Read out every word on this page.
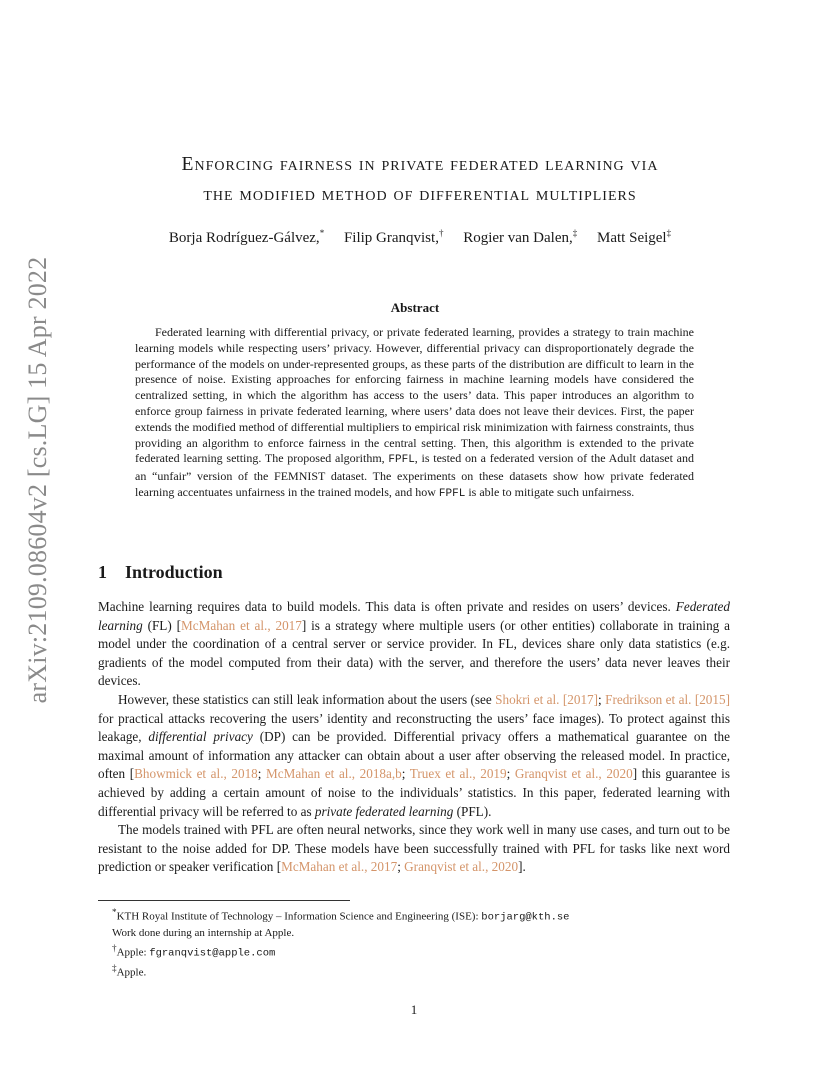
arXiv:2109.08604v2 [cs.LG] 15 Apr 2022
Enforcing fairness in private federated learning via
the modified method of differential multipliers
Borja Rodríguez-Gálvez,* Filip Granqvist,† Rogier van Dalen,‡ Matt Seigel‡
Abstract
Federated learning with differential privacy, or private federated learning, provides a strategy to train machine learning models while respecting users’ privacy. However, differential privacy can disproportionately degrade the performance of the models on under-represented groups, as these parts of the distribution are difficult to learn in the presence of noise. Existing approaches for enforcing fairness in machine learning models have considered the centralized setting, in which the algorithm has access to the users’ data. This paper introduces an algorithm to enforce group fairness in private federated learning, where users’ data does not leave their devices. First, the paper extends the modified method of differential multipliers to empirical risk minimization with fairness constraints, thus providing an algorithm to enforce fairness in the central setting. Then, this algorithm is extended to the private federated learning setting. The proposed algorithm, FPFL, is tested on a federated version of the Adult dataset and an “unfair” version of the FEMNIST dataset. The experiments on these datasets show how private federated learning accentuates unfairness in the trained models, and how FPFL is able to mitigate such unfairness.
1 Introduction

Machine learning requires data to build models. This data is often private and resides on users’ devices. Federated learning (FL) [McMahan et al., 2017] is a strategy where multiple users (or other entities) collaborate in training a model under the coordination of a central server or service provider. In FL, devices share only data statistics (e.g. gradients of the model computed from their data) with the server, and therefore the users’ data never leaves their devices.

However, these statistics can still leak information about the users (see Shokri et al. [2017]; Fredrikson et al. [2015] for practical attacks recovering the users’ identity and reconstructing the users’ face images). To protect against this leakage, differential privacy (DP) can be provided. Differential privacy offers a mathematical guarantee on the maximal amount of information any attacker can obtain about a user after observing the released model. In practice, often [Bhowmick et al., 2018; McMahan et al., 2018a,b; Truex et al., 2019; Granqvist et al., 2020] this guarantee is achieved by adding a certain amount of noise to the individuals’ statistics. In this paper, federated learning with differential privacy will be referred to as private federated learning (PFL).

The models trained with PFL are often neural networks, since they work well in many use cases, and turn out to be resistant to the noise added for DP. These models have been successfully trained with PFL for tasks like next word prediction or speaker verification [McMahan et al., 2017; Granqvist et al., 2020].

*KTH Royal Institute of Technology – Information Science and Engineering (ISE): borjarg@kth.se
Work done during an internship at Apple.
†Apple: fgranqvist@apple.com
‡Apple.
1
